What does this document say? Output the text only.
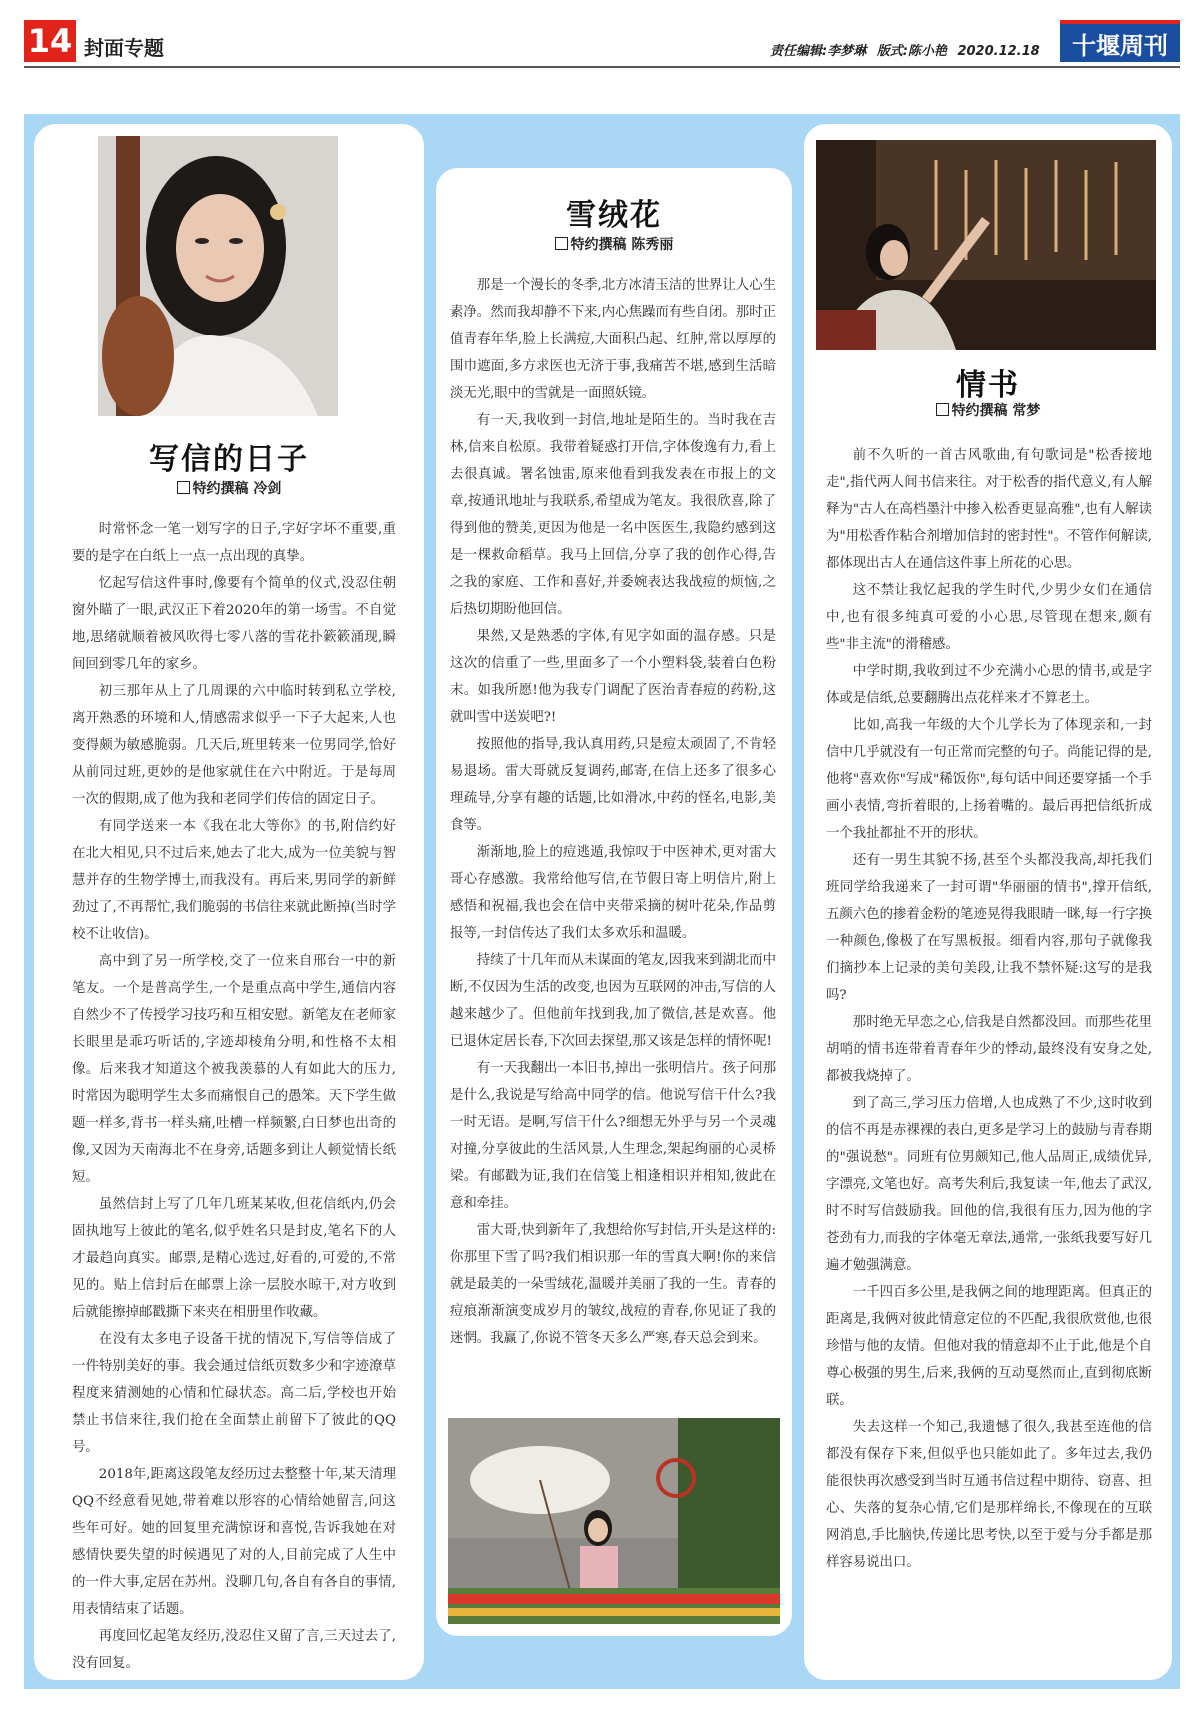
14 封面专题	责任编辑:李梦琳 版式:陈小艳 2020.12.18	十堰周刊
写信的日子
特约撰稿 冷剑

时常怀念一笔一划写字的日子,字好字坏不重要,重要的是字在白纸上一点一点出现的真挚。

忆起写信这件事时,像要有个简单的仪式,没忍住朝窗外瞄了一眼,武汉正下着2020年的第一场雪。不自觉地,思绪就顺着被风吹得七零八落的雪花扑簌簌涌现,瞬间回到零几年的家乡。

初三那年从上了几周课的六中临时转到私立学校,离开熟悉的环境和人,情感需求似乎一下子大起来,人也变得颇为敏感脆弱。几天后,班里转来一位男同学,恰好从前同过班,更妙的是他家就住在六中附近。于是每周一次的假期,成了他为我和老同学们传信的固定日子。

有同学送来一本《我在北大等你》的书,附信约好在北大相见,只不过后来,她去了北大,成为一位美貌与智慧并存的生物学博士,而我没有。再后来,男同学的新鲜劲过了,不再帮忙,我们脆弱的书信往来就此断掉(当时学校不让收信)。

高中到了另一所学校,交了一位来自邢台一中的新笔友。一个是普高学生,一个是重点高中学生,通信内容自然少不了传授学习技巧和互相安慰。新笔友在老师家长眼里是乖巧听话的,字迹却棱角分明,和性格不太相像。后来我才知道这个被我羡慕的人有如此大的压力,时常因为聪明学生太多而痛恨自己的愚笨。天下学生做题一样多,背书一样头痛,吐槽一样频繁,白日梦也出奇的像,又因为天南海北不在身旁,话题多到让人顿觉情长纸短。

虽然信封上写了几年几班某某收,但花信纸内,仍会固执地写上彼此的笔名,似乎姓名只是封皮,笔名下的人才最趋向真实。邮票,是精心选过,好看的,可爱的,不常见的。贴上信封后在邮票上涂一层胶水晾干,对方收到后就能擦掉邮戳撕下来夹在相册里作收藏。

在没有太多电子设备干扰的情况下,写信等信成了一件特别美好的事。我会通过信纸页数多少和字迹潦草程度来猜测她的心情和忙碌状态。高二后,学校也开始禁止书信来往,我们抢在全面禁止前留下了彼此的QQ号。

2018年,距离这段笔友经历过去整整十年,某天清理QQ不经意看见她,带着难以形容的心情给她留言,问这些年可好。她的回复里充满惊讶和喜悦,告诉我她在对感情快要失望的时候遇见了对的人,目前完成了人生中的一件大事,定居在苏州。没聊几句,各自有各自的事情,用表情结束了话题。

再度回忆起笔友经历,没忍住又留了言,三天过去了,没有回复。

雪绒花
特约撰稿 陈秀丽

那是一个漫长的冬季,北方冰清玉洁的世界让人心生素净。然而我却静不下来,内心焦躁而有些自闭。那时正值青春年华,脸上长满痘,大面积凸起、红肿,常以厚厚的围巾遮面,多方求医也无济于事,我痛苦不堪,感到生活暗淡无光,眼中的雪就是一面照妖镜。

有一天,我收到一封信,地址是陌生的。当时我在吉林,信来自松原。我带着疑惑打开信,字体俊逸有力,看上去很真诚。署名蚀雷,原来他看到我发表在市报上的文章,按通讯地址与我联系,希望成为笔友。我很欣喜,除了得到他的赞美,更因为他是一名中医医生,我隐约感到这是一棵救命稻草。我马上回信,分享了我的创作心得,告之我的家庭、工作和喜好,并委婉表达我战痘的烦恼,之后热切期盼他回信。

果然,又是熟悉的字体,有见字如面的温存感。只是这次的信重了一些,里面多了一个小塑料袋,装着白色粉末。如我所愿!他为我专门调配了医治青春痘的药粉,这就叫雪中送炭吧?!

按照他的指导,我认真用药,只是痘太顽固了,不肯轻易退场。雷大哥就反复调药,邮寄,在信上还多了很多心理疏导,分享有趣的话题,比如滑冰,中药的怪名,电影,美食等。

渐渐地,脸上的痘逃遁,我惊叹于中医神术,更对雷大哥心存感激。我常给他写信,在节假日寄上明信片,附上感悟和祝福,我也会在信中夹带采摘的树叶花朵,作品剪报等,一封信传达了我们太多欢乐和温暖。

持续了十几年而从未谋面的笔友,因我来到湖北而中断,不仅因为生活的改变,也因为互联网的冲击,写信的人越来越少了。但他前年找到我,加了微信,甚是欢喜。他已退休定居长春,下次回去探望,那又该是怎样的情怀呢!

有一天我翻出一本旧书,掉出一张明信片。孩子问那是什么,我说是写给高中同学的信。他说写信干什么?我一时无语。是啊,写信干什么?细想无外乎与另一个灵魂对撞,分享彼此的生活风景,人生理念,架起绚丽的心灵桥梁。有邮戳为证,我们在信笺上相逢相识并相知,彼此在意和牵挂。

雷大哥,快到新年了,我想给你写封信,开头是这样的:你那里下雪了吗?我们相识那一年的雪真大啊!你的来信就是最美的一朵雪绒花,温暖并美丽了我的一生。青春的痘痕渐渐演变成岁月的皱纹,战痘的青春,你见证了我的迷惘。我赢了,你说不管冬天多么严寒,春天总会到来。

情书
特约撰稿 常梦

前不久听的一首古风歌曲,有句歌词是"松香接地走",指代两人间书信来往。对于松香的指代意义,有人解释为"古人在高档墨汁中掺入松香更显高雅",也有人解读为"用松香作粘合剂增加信封的密封性"。不管作何解读,都体现出古人在通信这件事上所花的心思。

这不禁让我忆起我的学生时代,少男少女们在通信中,也有很多纯真可爱的小心思,尽管现在想来,颇有些"非主流"的滑稽感。

中学时期,我收到过不少充满小心思的情书,或是字体或是信纸,总要翻腾出点花样来才不算老土。

比如,高我一年级的大个儿学长为了体现亲和,一封信中几乎就没有一句正常而完整的句子。尚能记得的是,他将"喜欢你"写成"稀饭你",每句话中间还要穿插一个手画小表情,弯折着眼的,上扬着嘴的。最后再把信纸折成一个我扯都扯不开的形状。

还有一男生其貌不扬,甚至个头都没我高,却托我们班同学给我递来了一封可谓"华丽丽的情书",撑开信纸,五颜六色的掺着金粉的笔迹晃得我眼睛一眯,每一行字换一种颜色,像极了在写黑板报。细看内容,那句子就像我们摘抄本上记录的美句美段,让我不禁怀疑:这写的是我吗?

那时绝无早恋之心,信我是自然都没回。而那些花里胡哨的情书连带着青春年少的悸动,最终没有安身之处,都被我烧掉了。

到了高三,学习压力倍增,人也成熟了不少,这时收到的信不再是赤裸裸的表白,更多是学习上的鼓励与青春期的"强说愁"。同班有位男颇知己,他人品周正,成绩优异,字漂亮,文笔也好。高考失利后,我复读一年,他去了武汉,时不时写信鼓励我。回他的信,我很有压力,因为他的字苍劲有力,而我的字体毫无章法,通常,一张纸我要写好几遍才勉强满意。

一千四百多公里,是我俩之间的地理距离。但真正的距离是,我俩对彼此情意定位的不匹配,我很欣赏他,也很珍惜与他的友情。但他对我的情意却不止于此,他是个自尊心极强的男生,后来,我俩的互动戛然而止,直到彻底断联。

失去这样一个知己,我遗憾了很久,我甚至连他的信都没有保存下来,但似乎也只能如此了。多年过去,我仍能很快再次感受到当时互通书信过程中期待、窃喜、担心、失落的复杂心情,它们是那样绵长,不像现在的互联网消息,手比脑快,传递比思考快,以至于爱与分手都是那样容易说出口。
